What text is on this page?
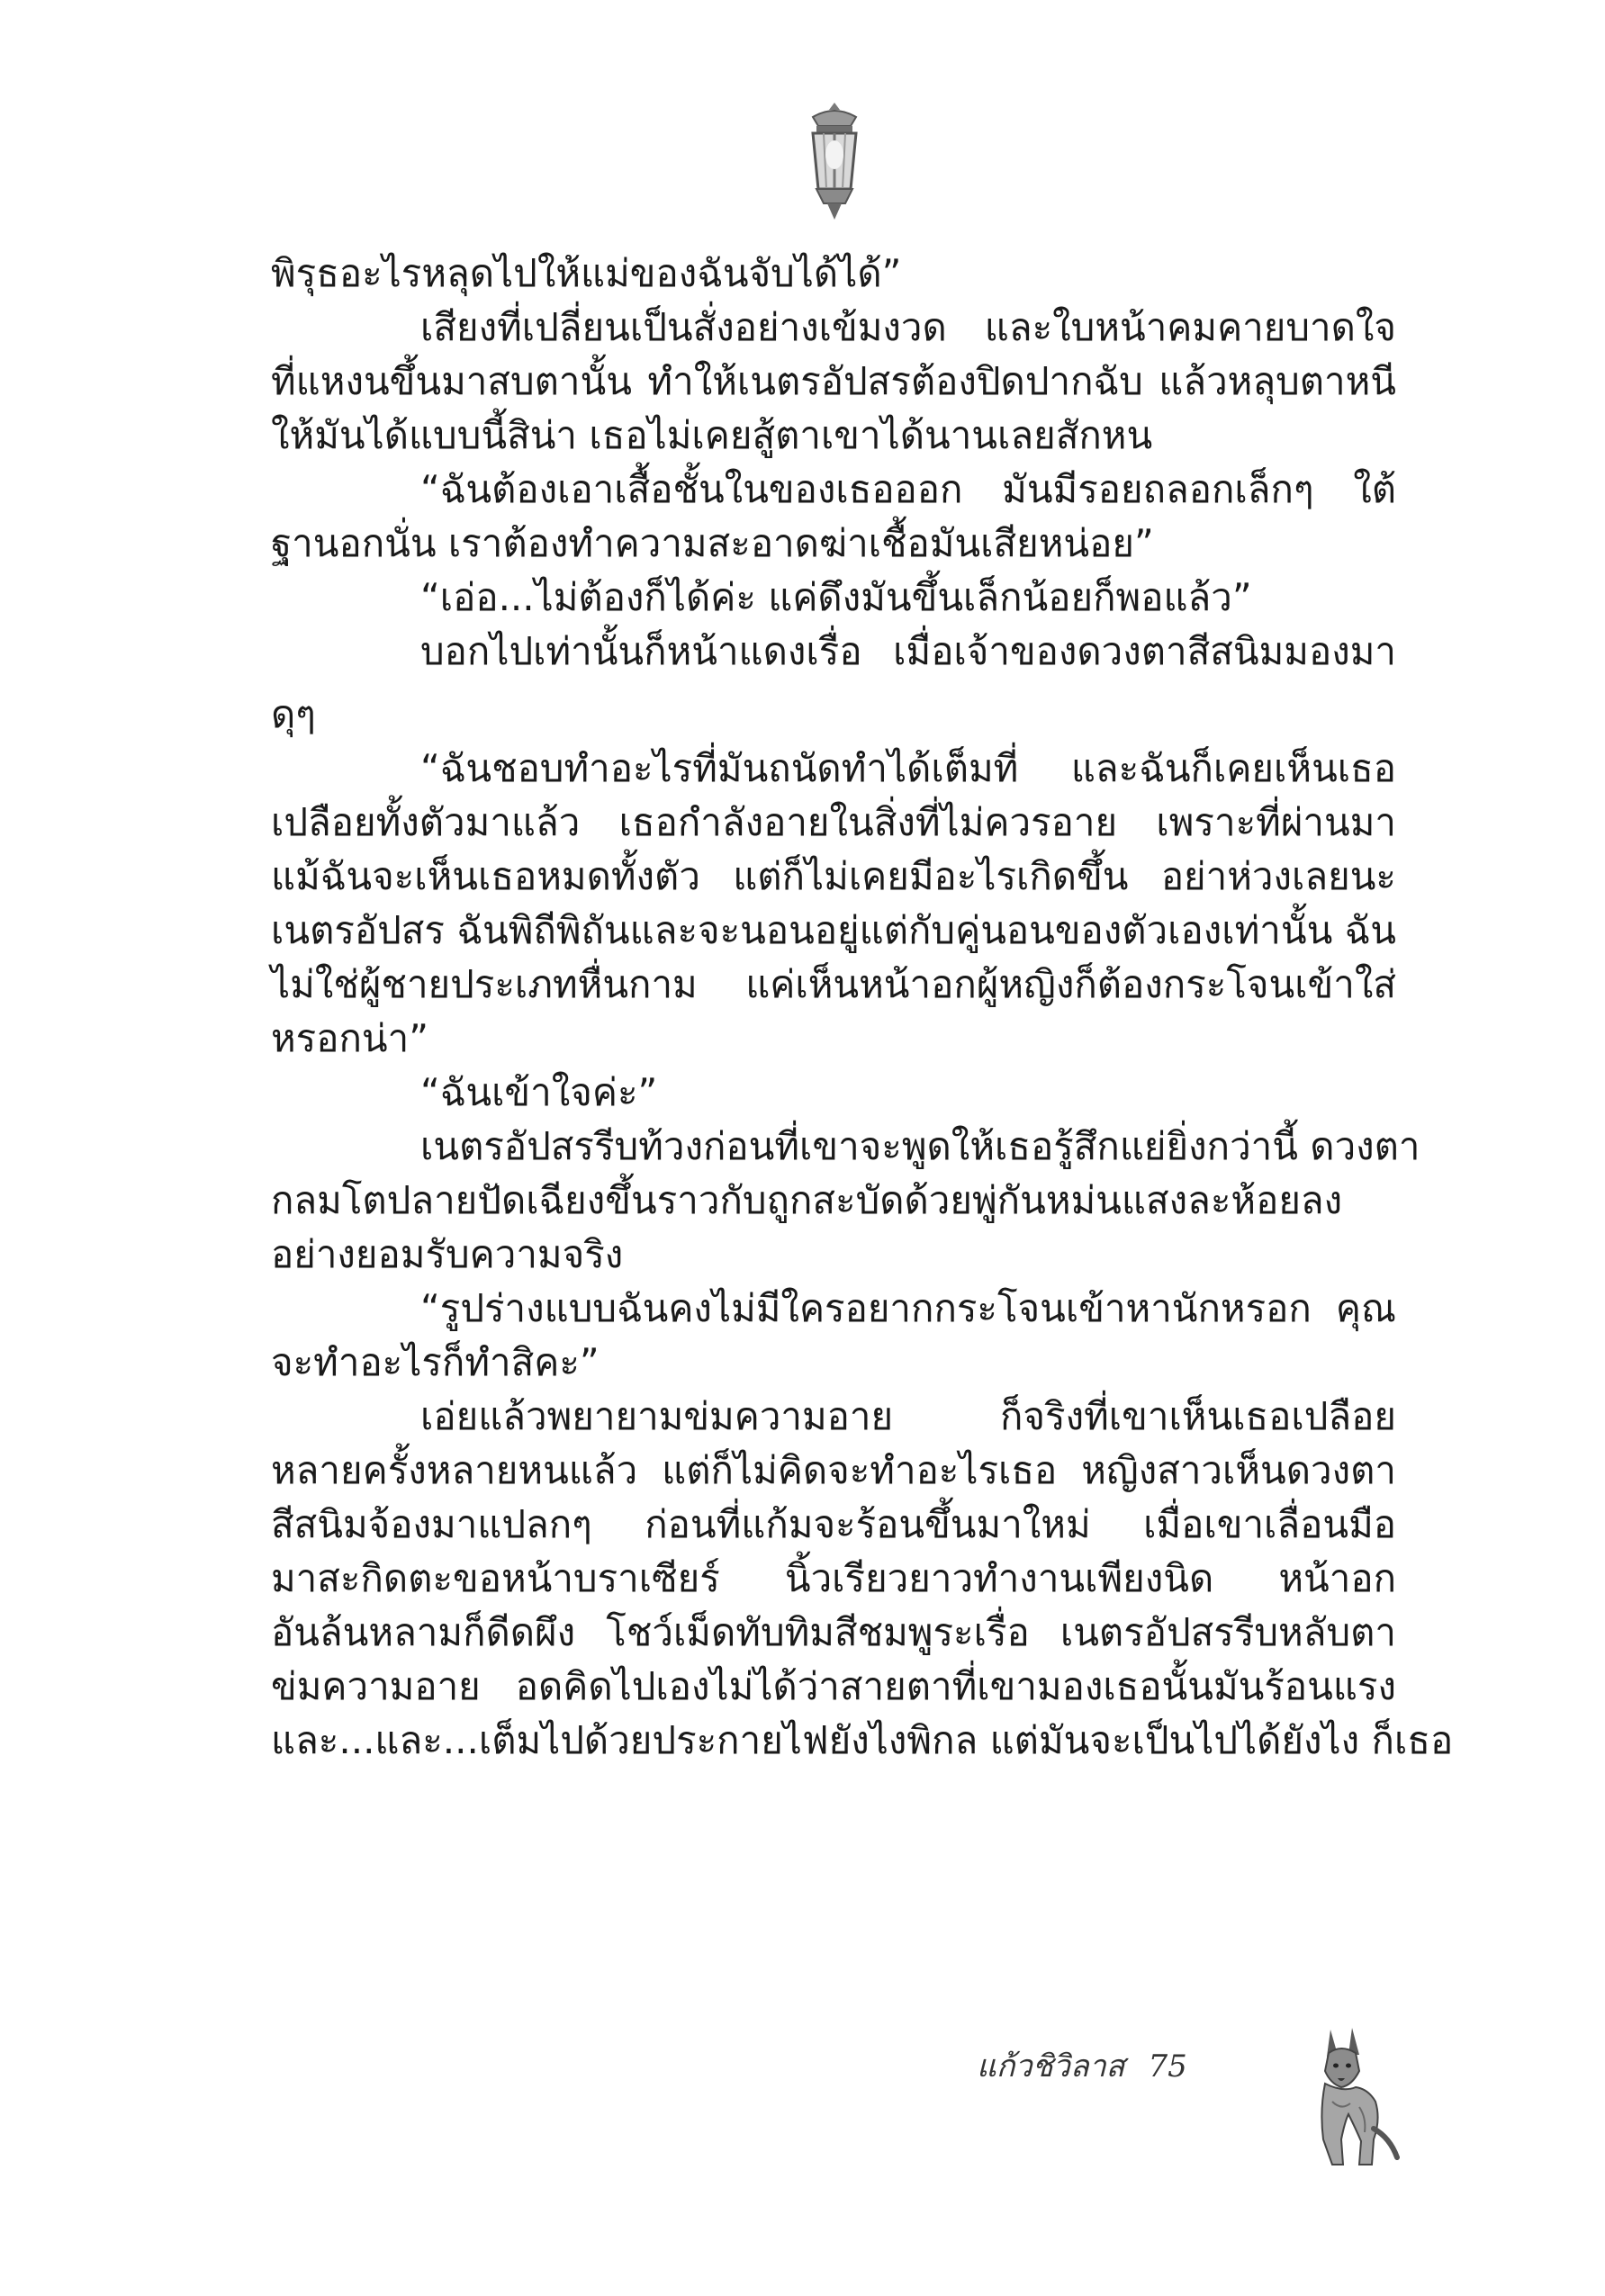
พิรุธอะไรหลุดไปให้แม่ของฉันจับได้ได้”
เสียงที่เปลี่ยนเป็นสั่งอย่างเข้มงวด และใบหน้าคมคายบาดใจ
ที่แหงนขึ้นมาสบตานั้น ทำให้เนตรอัปสรต้องปิดปากฉับ แล้วหลุบตาหนี
ให้มันได้แบบนี้สิน่า เธอไม่เคยสู้ตาเขาได้นานเลยสักหน
“ฉันต้องเอาเสื้อชั้นในของเธอออก มันมีรอยถลอกเล็กๆ ใต้
ฐานอกนั่น เราต้องทำความสะอาดฆ่าเชื้อมันเสียหน่อย”
“เอ่อ...ไม่ต้องก็ได้ค่ะ แค่ดึงมันขึ้นเล็กน้อยก็พอแล้ว”
บอกไปเท่านั้นก็หน้าแดงเรื่อ เมื่อเจ้าของดวงตาสีสนิมมองมา
ดุๆ
“ฉันชอบทำอะไรที่มันถนัดทำได้เต็มที่ และฉันก็เคยเห็นเธอ
เปลือยทั้งตัวมาแล้ว เธอกำลังอายในสิ่งที่ไม่ควรอาย เพราะที่ผ่านมา
แม้ฉันจะเห็นเธอหมดทั้งตัว แต่ก็ไม่เคยมีอะไรเกิดขึ้น อย่าห่วงเลยนะ
เนตรอัปสร ฉันพิถีพิถันและจะนอนอยู่แต่กับคู่นอนของตัวเองเท่านั้น ฉัน
ไม่ใช่ผู้ชายประเภทหื่นกาม แค่เห็นหน้าอกผู้หญิงก็ต้องกระโจนเข้าใส่
หรอกน่า”
“ฉันเข้าใจค่ะ”
เนตรอัปสรรีบท้วงก่อนที่เขาจะพูดให้เธอรู้สึกแย่ยิ่งกว่านี้ ดวงตา
กลมโตปลายปัดเฉียงขึ้นราวกับถูกสะบัดด้วยพู่กันหม่นแสงละห้อยลง
อย่างยอมรับความจริง
“รูปร่างแบบฉันคงไม่มีใครอยากกระโจนเข้าหานักหรอก คุณ
จะทำอะไรก็ทำสิคะ”
เอ่ยแล้วพยายามข่มความอาย ก็จริงที่เขาเห็นเธอเปลือย
หลายครั้งหลายหนแล้ว แต่ก็ไม่คิดจะทำอะไรเธอ หญิงสาวเห็นดวงตา
สีสนิมจ้องมาแปลกๆ ก่อนที่แก้มจะร้อนขึ้นมาใหม่ เมื่อเขาเลื่อนมือ
มาสะกิดตะขอหน้าบราเซียร์ นิ้วเรียวยาวทำงานเพียงนิด หน้าอก
อันล้นหลามก็ดีดผึง โชว์เม็ดทับทิมสีชมพูระเรื่อ เนตรอัปสรรีบหลับตา
ข่มความอาย อดคิดไปเองไม่ได้ว่าสายตาที่เขามองเธอนั้นมันร้อนแรง
และ...และ...เต็มไปด้วยประกายไฟยังไงพิกล แต่มันจะเป็นไปได้ยังไง ก็เธอ
แก้วชิวิลาส 75
